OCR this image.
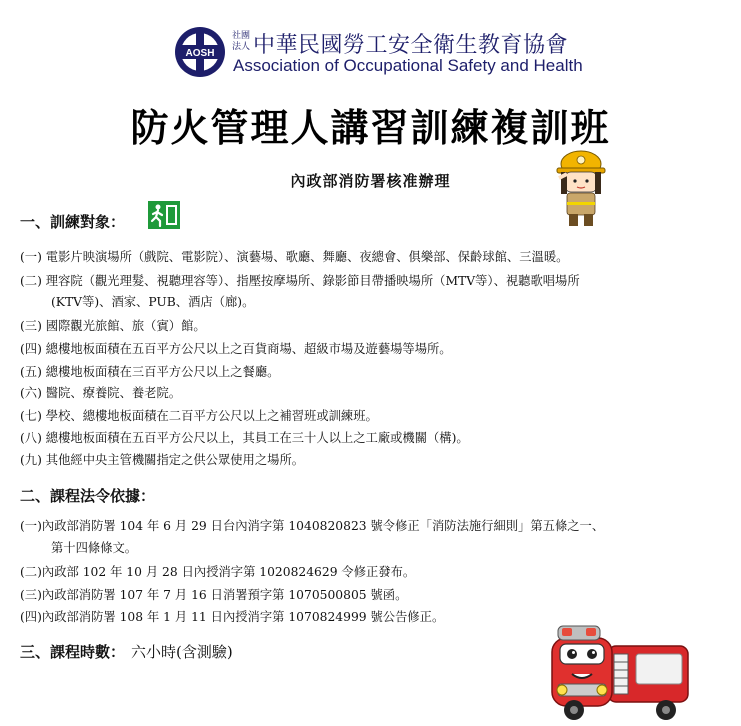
AOSH
社團法人 中華民國勞工安全衛生教育協會
Association of Occupational Safety and Health
防火管理人講習訓練複訓班
內政部消防署核准辦理
一、訓練對象：
(一) 電影片映演場所（戲院、電影院）、演藝場、歌廳、舞廳、夜總會、俱樂部、保齡球館、三溫暖。
(二) 理容院（觀光理髮、視聽理容等）、指壓按摩場所、錄影節目帶播映場所（MTV等）、視聽歌唱場所
(KTV等)、酒家、PUB、酒店（廊)。
(三) 國際觀光旅館、旅（賓）館。
(四) 總樓地板面積在五百平方公尺以上之百貨商場、超級市場及遊藝場等場所。
(五) 總樓地板面積在三百平方公尺以上之餐廳。
(六) 醫院、療養院、養老院。
(七) 學校、總樓地板面積在二百平方公尺以上之補習班或訓練班。
(八) 總樓地板面積在五百平方公尺以上，其員工在三十人以上之工廠或機關（構)。
(九) 其他經中央主管機關指定之供公眾使用之場所。
二、課程法令依據：
(一)內政部消防署 104 年 6 月 29 日台內消字第 1040820823 號令修正「消防法施行細則」第五條之一、
第十四條條文。
(二)內政部 102 年 10 月 28 日內授消字第 1020824629 令修正發布。
(三)內政部消防署 107 年 7 月 16 日消署預字第 1070500805 號函。
(四)內政部消防署 108 年 1 月 11 日內授消字第 1070824999 號公告修正。
三、課程時數： 六小時(含測驗)
